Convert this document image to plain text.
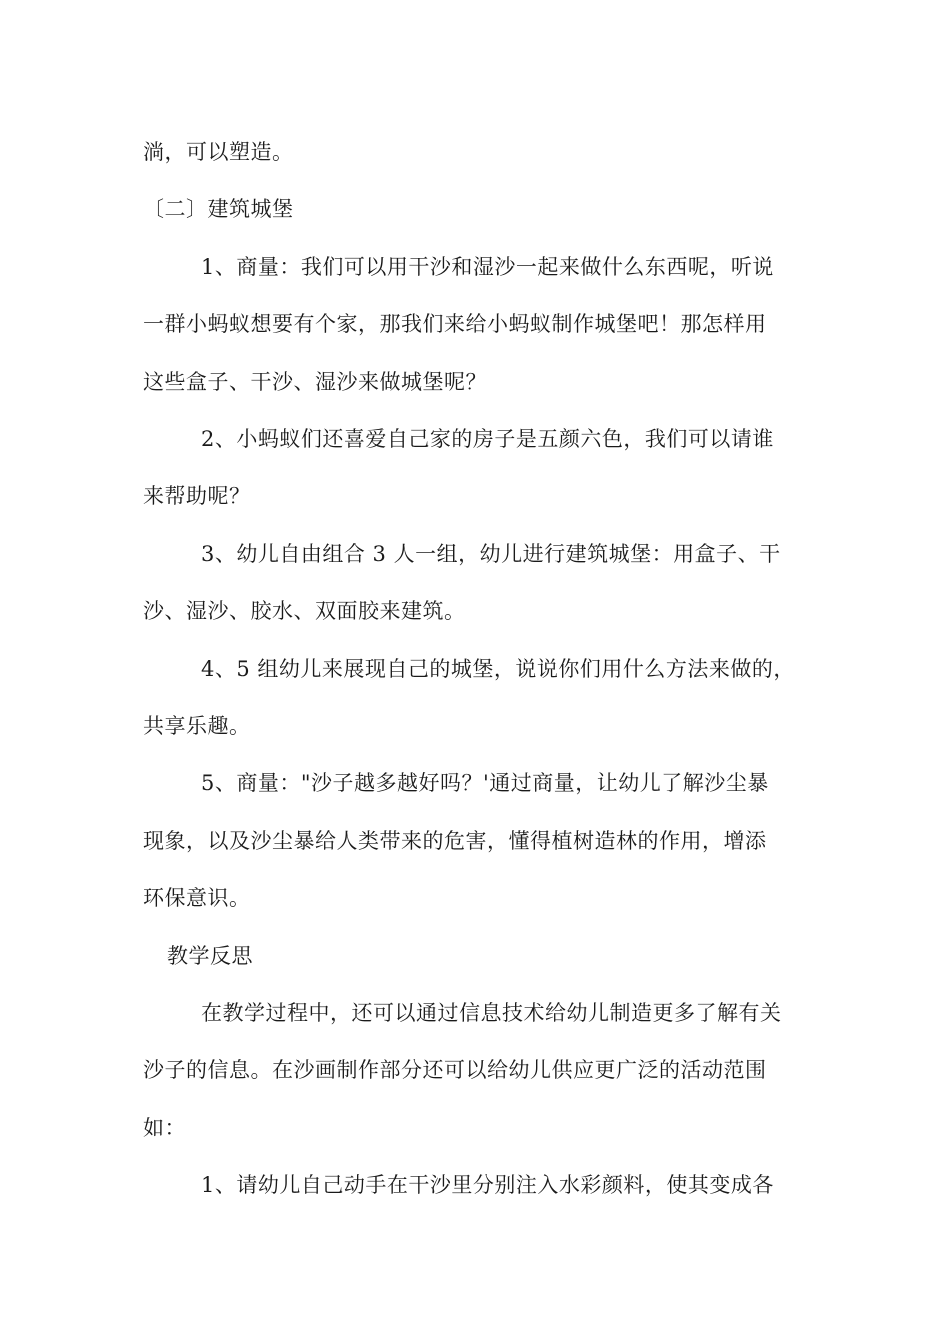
淌，可以塑造。
〔二〕建筑城堡
1、商量：我们可以用干沙和湿沙一起来做什么东西呢，听说
一群小蚂蚁想要有个家，那我们来给小蚂蚁制作城堡吧！那怎样用
这些盒子、干沙、湿沙来做城堡呢？
2、小蚂蚁们还喜爱自己家的房子是五颜六色，我们可以请谁
来帮助呢？
3、幼儿自由组合 3 人一组，幼儿进行建筑城堡：用盒子、干
沙、湿沙、胶水、双面胶来建筑。
4、5 组幼儿来展现自己的城堡，说说你们用什么方法来做的，
共享乐趣。
5、商量："沙子越多越好吗？'通过商量，让幼儿了解沙尘暴
现象，以及沙尘暴给人类带来的危害，懂得植树造林的作用，增添
环保意识。
教学反思
在教学过程中，还可以通过信息技术给幼儿制造更多了解有关
沙子的信息。在沙画制作部分还可以给幼儿供应更广泛的活动范围
如：
1、请幼儿自己动手在干沙里分别注入水彩颜料，使其变成各
